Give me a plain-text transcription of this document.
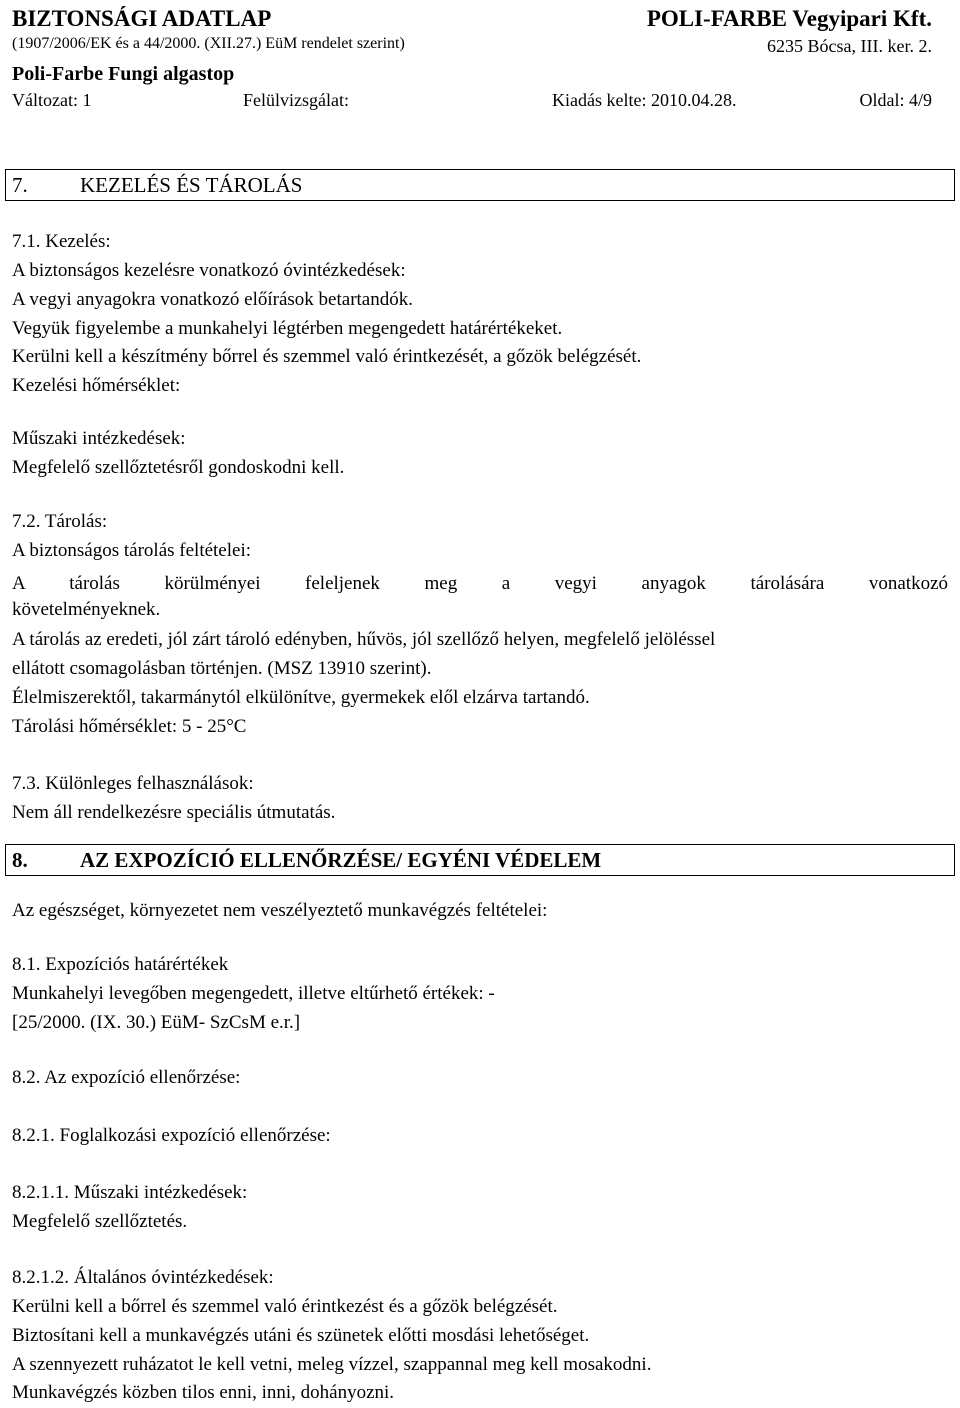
BIZTONSÁGI ADATLAP	POLI-FARBE Vegyipari Kft.
(1907/2006/EK és a 44/2000. (XII.27.) EüM rendelet szerint)	6235 Bócsa, III. ker. 2.
Poli-Farbe Fungi algastop
Változat: 1	Felülvizsgálat:	Kiadás kelte: 2010.04.28.	Oldal: 4/9
7. KEZELÉS ÉS TÁROLÁS
7.1. Kezelés:
A biztonságos kezelésre vonatkozó óvintézkedések:
A vegyi anyagokra vonatkozó előírások betartandók.
Vegyük figyelembe a munkahelyi légtérben megengedett határértékeket.
Kerülni kell a készítmény bőrrel és szemmel való érintkezését, a gőzök belégzését.
Kezelési hőmérséklet:
Műszaki intézkedések:
Megfelelő szellőztetésről gondoskodni kell.
7.2. Tárolás:
A biztonságos tárolás feltételei:
A tárolás körülményei feleljenek meg a vegyi anyagok tárolására vonatkozó
követelményeknek.
A tárolás az eredeti, jól zárt tároló edényben, hűvös, jól szellőző helyen, megfelelő jelöléssel
ellátott csomagolásban történjen. (MSZ 13910 szerint).
Élelmiszerektől, takarmánytól elkülönítve, gyermekek elől elzárva tartandó.
Tárolási hőmérséklet: 5 - 25°C
7.3. Különleges felhasználások:
Nem áll rendelkezésre speciális útmutatás.
8. AZ EXPOZÍCIÓ ELLENŐRZÉSE/ EGYÉNI VÉDELEM
Az egészséget, környezetet nem veszélyeztető munkavégzés feltételei:
8.1. Expozíciós határértékek
Munkahelyi levegőben megengedett, illetve eltűrhető értékek: -
[25/2000. (IX. 30.) EüM- SzCsM e.r.]
8.2. Az expozíció ellenőrzése:
8.2.1. Foglalkozási expozíció ellenőrzése:
8.2.1.1. Műszaki intézkedések:
Megfelelő szellőztetés.
8.2.1.2. Általános óvintézkedések:
Kerülni kell a bőrrel és szemmel való érintkezést és a gőzök belégzését.
Biztosítani kell a munkavégzés utáni és szünetek előtti mosdási lehetőséget.
A szennyezett ruházatot le kell vetni, meleg vízzel, szappannal meg kell mosakodni.
Munkavégzés közben tilos enni, inni, dohányozni.
